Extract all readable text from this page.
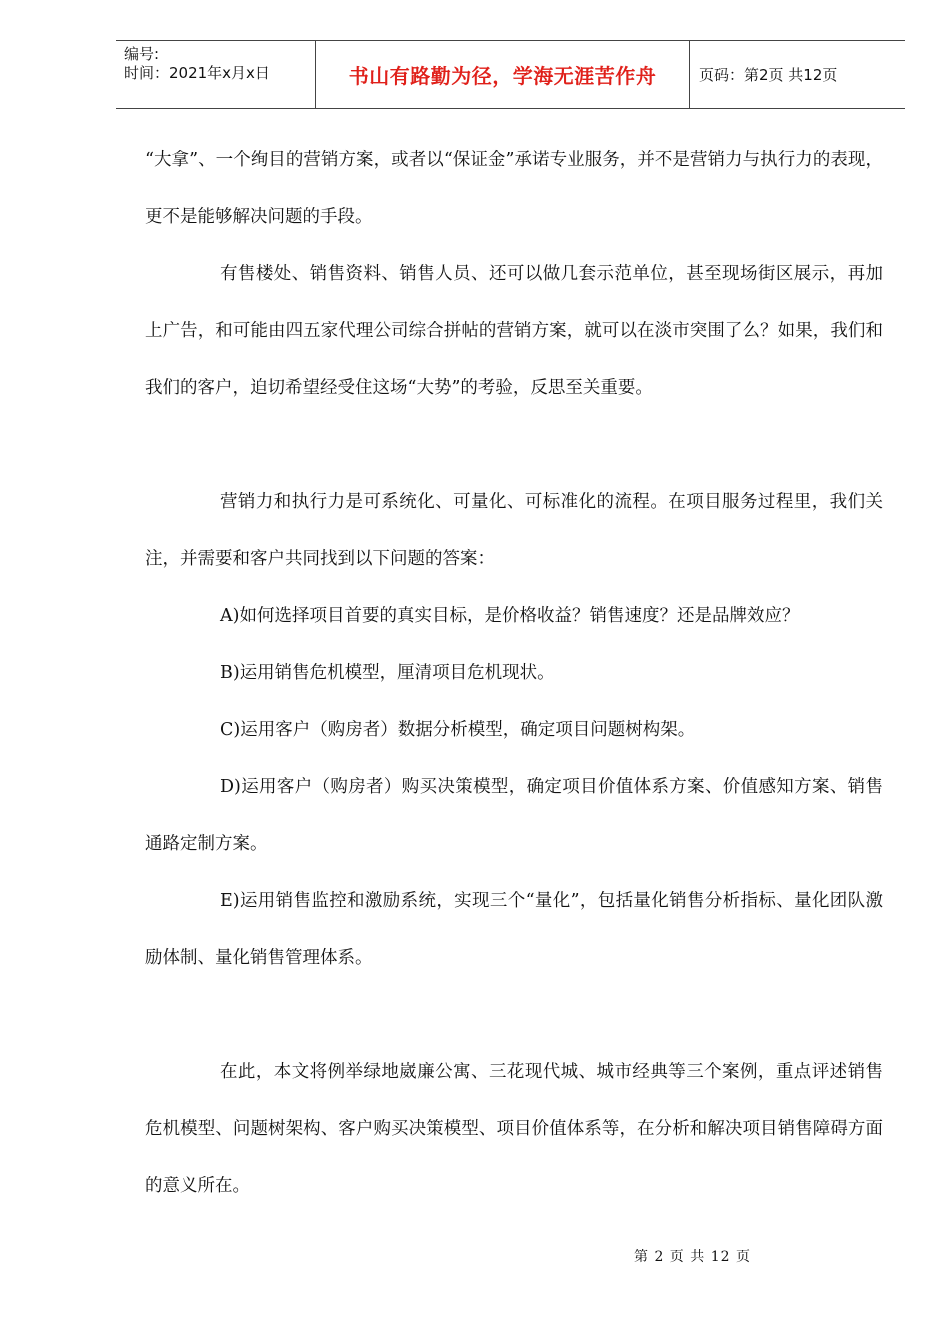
编号:
时间：2021年x月x日	书山有路勤为径，学海无涯苦作舟	页码：第2页 共12页

“大拿”、一个绚目的营销方案，或者以“保证金”承诺专业服务，并不是营销力与执行力的表现，更不是能够解决问题的手段。

有售楼处、销售资料、销售人员、还可以做几套示范单位，甚至现场街区展示，再加上广告，和可能由四五家代理公司综合拼帖的营销方案，就可以在淡市突围了么？如果，我们和我们的客户，迫切希望经受住这场“大势”的考验，反思至关重要。

营销力和执行力是可系统化、可量化、可标准化的流程。在项目服务过程里，我们关注，并需要和客户共同找到以下问题的答案：

A)如何选择项目首要的真实目标，是价格收益？销售速度？还是品牌效应？

B)运用销售危机模型，厘清项目危机现状。

C)运用客户（购房者）数据分析模型，确定项目问题树构架。

D)运用客户（购房者）购买决策模型，确定项目价值体系方案、价值感知方案、销售通路定制方案。

E)运用销售监控和激励系统，实现三个“量化”，包括量化销售分析指标、量化团队激励体制、量化销售管理体系。

在此，本文将例举绿地崴廉公寓、三花现代城、城市经典等三个案例，重点评述销售危机模型、问题树架构、客户购买决策模型、项目价值体系等，在分析和解决项目销售障碍方面的意义所在。

第 2 页 共 12 页
